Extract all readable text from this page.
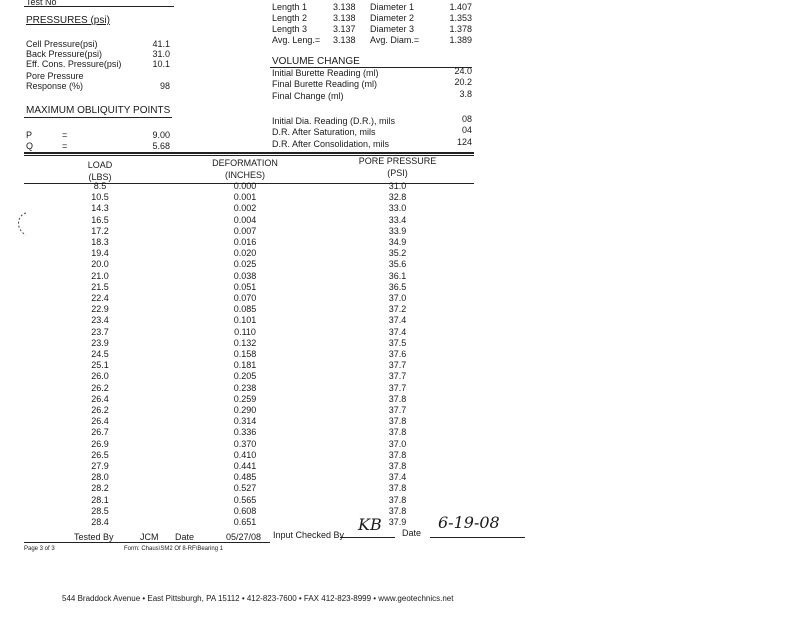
Test No
PRESSURES (psi)
Cell Pressure(psi)	41.1
Back Pressure(psi)	31.0
Eff. Cons. Pressure(psi)	10.1
Pore Pressure
Response (%)	98
MAXIMUM OBLIQUITY POINTS
P	=	9.00
Q	=	5.68
Length 1	3.138 Diameter 1	1.407
Length 2	3.138 Diameter 2	1.353
Length 3	3.137 Diameter 3	1.378
Avg. Leng.= 3.138 Avg. Diam.=	1.389
VOLUME CHANGE
Initial Burette Reading (ml)	24.0
Final Burette Reading (ml)	20.2
Final Change (ml)	3.8
Initial Dia. Reading (D.R.), mils	08
D.R. After Saturation, mils	04
D.R. After Consolidation, mils	124
LOAD
(LBS)
DEFORMATION
(INCHES)
PORE PRESSURE
(PSI)
8.5	0.000	31.0
10.5	0.001	32.8
14.3	0.002	33.0
16.5	0.004	33.4
17.2	0.007	33.9
18.3	0.016	34.9
19.4	0.020	35.2
20.0	0.025	35.6
21.0	0.038	36.1
21.5	0.051	36.5
22.4	0.070	37.0
22.9	0.085	37.2
23.4	0.101	37.4
23.7	0.110	37.4
23.9	0.132	37.5
24.5	0.158	37.6
25.1	0.181	37.7
26.0	0.205	37.7
26.2	0.238	37.7
26.4	0.259	37.8
26.2	0.290	37.7
26.4	0.314	37.8
26.7	0.336	37.8
26.9	0.370	37.0
26.5	0.410	37.8
27.9	0.441	37.8
28.0	0.485	37.4
28.2	0.527	37.8
28.1	0.565	37.8
28.5	0.608	37.8
28.4	0.651	37.9
Tested By	JCM Date	05/27/08 Input Checked By
KB Date
6-19-08
Page 3 of 3	Form: Chaus\SM2 Of 8-RF\Bearing 1
544 Braddock Avenue • East Pittsburgh, PA 15112 • 412-823-7600 • FAX 412-823-8999 • www.geotechnics.net
